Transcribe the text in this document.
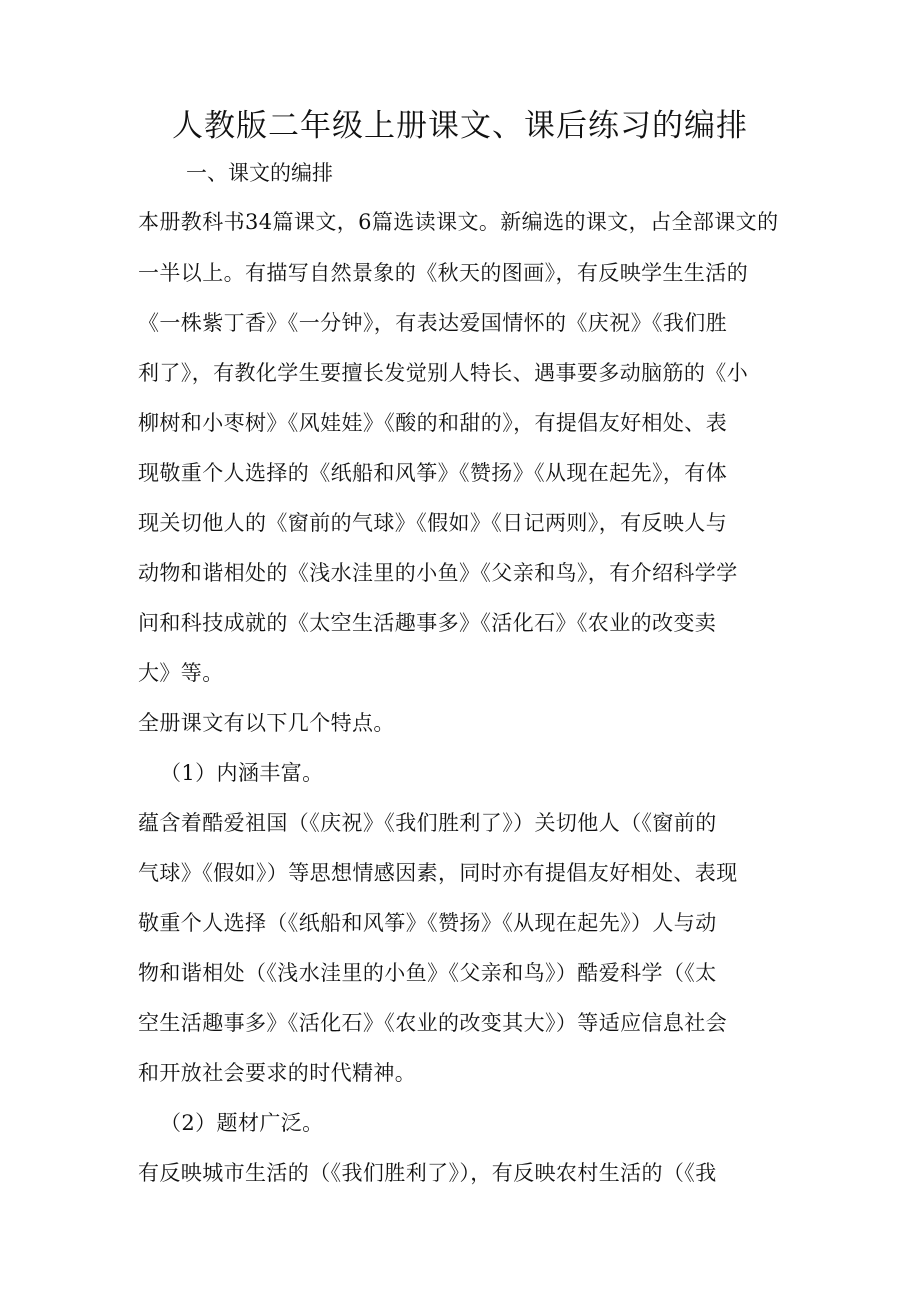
人教版二年级上册课文、课后练习的编排
一、课文的编排

本册教科书34篇课文，6篇选读课文。新编选的课文，占全部课文的

一半以上。有描写自然景象的《秋天的图画》，有反映学生生活的

《一株紫丁香》《一分钟》，有表达爱国情怀的《庆祝》《我们胜

利了》，有教化学生要擅长发觉别人特长、遇事要多动脑筋的《小

柳树和小枣树》《风娃娃》《酸的和甜的》，有提倡友好相处、表

现敬重个人选择的《纸船和风筝》《赞扬》《从现在起先》，有体

现关切他人的《窗前的气球》《假如》《日记两则》，有反映人与

动物和谐相处的《浅水洼里的小鱼》《父亲和鸟》，有介绍科学学

问和科技成就的《太空生活趣事多》《活化石》《农业的改变卖

大》等。

全册课文有以下几个特点。

（1）内涵丰富。

蕴含着酷爱祖国（《庆祝》《我们胜利了》）关切他人（《窗前的

气球》《假如》）等思想情感因素，同时亦有提倡友好相处、表现

敬重个人选择（《纸船和风筝》《赞扬》《从现在起先》）人与动

物和谐相处（《浅水洼里的小鱼》《父亲和鸟》）酷爱科学（《太

空生活趣事多》《活化石》《农业的改变其大》）等适应信息社会

和开放社会要求的时代精神。

（2）题材广泛。

有反映城市生活的（《我们胜利了》），有反映农村生活的（《我
